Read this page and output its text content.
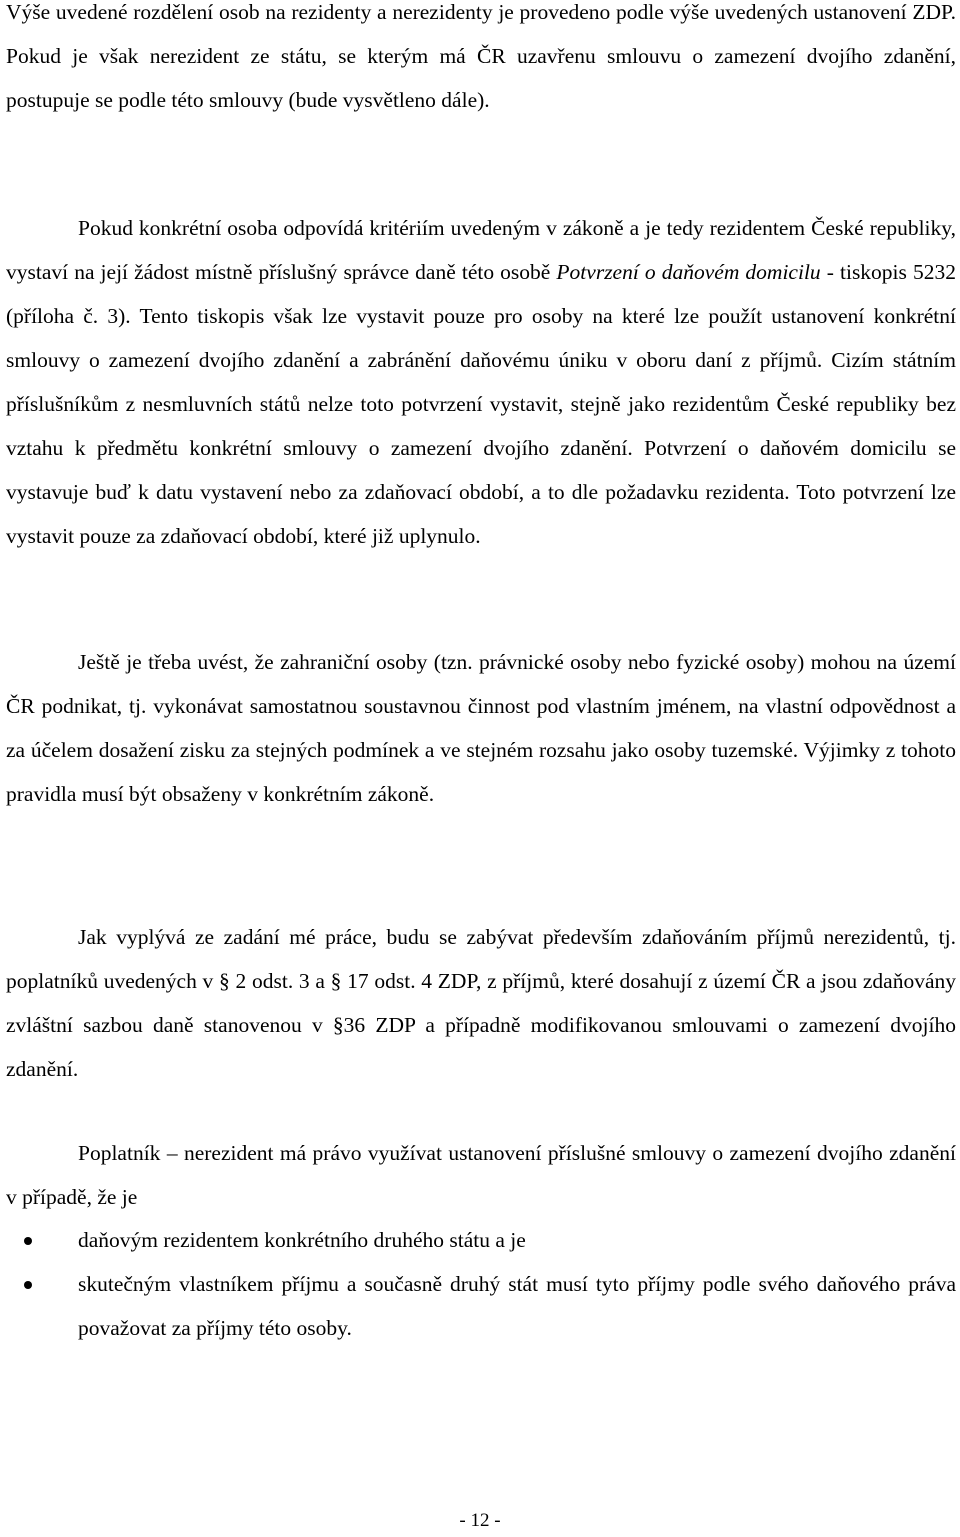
Výše uvedené rozdělení osob na rezidenty a nerezidenty je provedeno podle výše uvedených ustanovení ZDP. Pokud je však nerezident ze státu, se kterým má ČR uzavřenu smlouvu o zamezení dvojího zdanění, postupuje se podle této smlouvy (bude vysvětleno dále).

Pokud konkrétní osoba odpovídá kritériím uvedeným v zákoně a je tedy rezidentem České republiky, vystaví na její žádost místně příslušný správce daně této osobě Potvrzení o daňovém domicilu - tiskopis 5232 (příloha č. 3). Tento tiskopis však lze vystavit pouze pro osoby na které lze použít ustanovení konkrétní smlouvy o zamezení dvojího zdanění a zabránění daňovému úniku v oboru daní z příjmů. Cizím státním příslušníkům z nesmluvních států nelze toto potvrzení vystavit, stejně jako rezidentům České republiky bez vztahu k předmětu konkrétní smlouvy o zamezení dvojího zdanění. Potvrzení o daňovém domicilu se vystavuje buď k datu vystavení nebo za zdaňovací období, a to dle požadavku rezidenta. Toto potvrzení lze vystavit pouze za zdaňovací období, které již uplynulo.

Ještě je třeba uvést, že zahraniční osoby (tzn. právnické osoby nebo fyzické osoby) mohou na území ČR podnikat, tj. vykonávat samostatnou soustavnou činnost pod vlastním jménem, na vlastní odpovědnost a za účelem dosažení zisku za stejných podmínek a ve stejném rozsahu jako osoby tuzemské. Výjimky z tohoto pravidla musí být obsaženy v konkrétním zákoně.

Jak vyplývá ze zadání mé práce, budu se zabývat především zdaňováním příjmů nerezidentů, tj. poplatníků uvedených v § 2 odst. 3 a § 17 odst. 4 ZDP, z příjmů, které dosahují z území ČR a jsou zdaňovány zvláštní sazbou daně stanovenou v §36 ZDP a případně modifikovanou smlouvami o zamezení dvojího zdanění.

Poplatník – nerezident má právo využívat ustanovení příslušné smlouvy o zamezení dvojího zdanění v případě, že je

daňovým rezidentem konkrétního druhého státu a je
skutečným vlastníkem příjmu a současně druhý stát musí tyto příjmy podle svého daňového práva považovat za příjmy této osoby.
- 12 -
